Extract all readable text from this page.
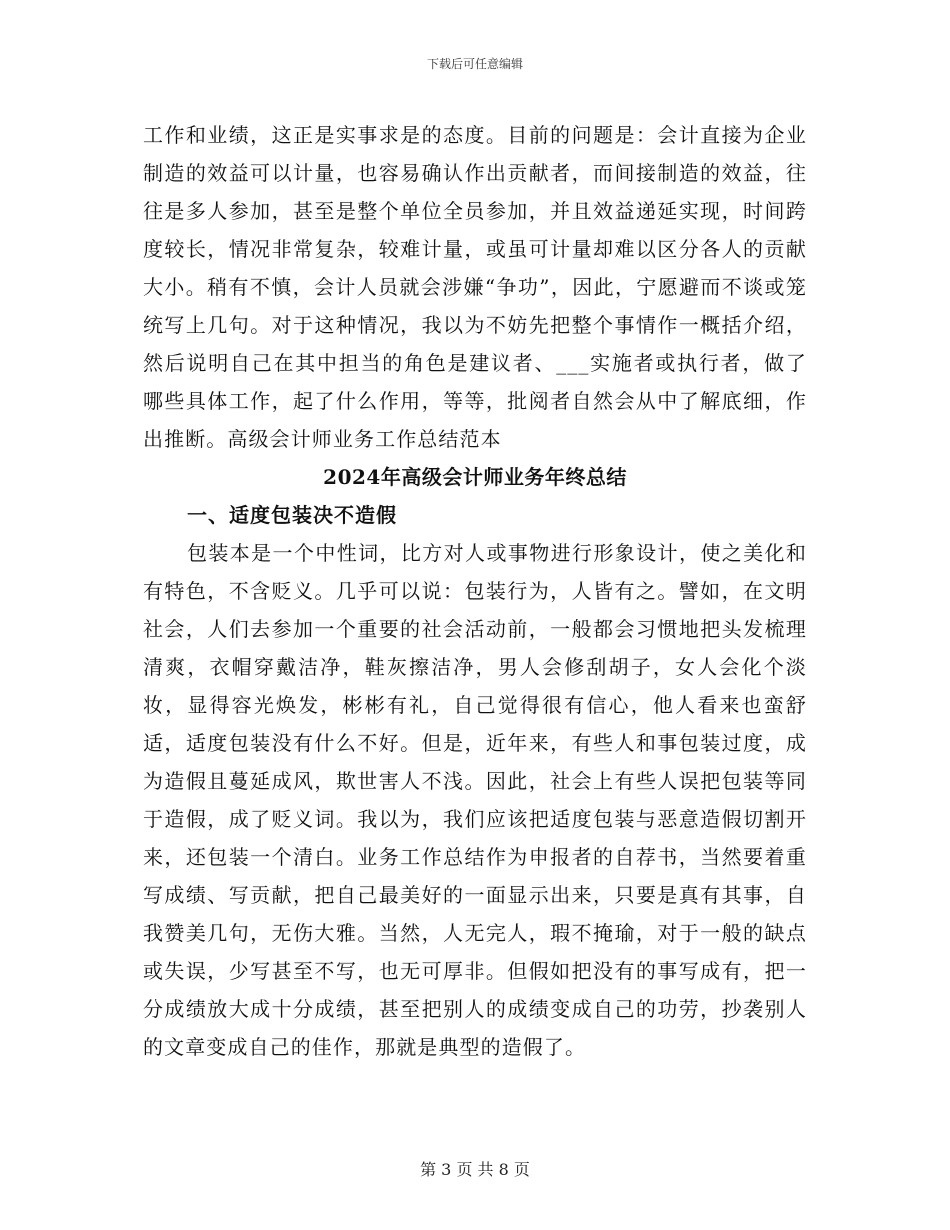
下载后可任意编辑

工作和业绩，这正是实事求是的态度。目前的问题是：会计直接为企业制造的效益可以计量，也容易确认作出贡献者，而间接制造的效益，往往是多人参加，甚至是整个单位全员参加，并且效益递延实现，时间跨度较长，情况非常复杂，较难计量，或虽可计量却难以区分各人的贡献大小。稍有不慎，会计人员就会涉嫌“争功”，因此，宁愿避而不谈或笼统写上几句。对于这种情况，我以为不妨先把整个事情作一概括介绍，然后说明自己在其中担当的角色是建议者、___实施者或执行者，做了哪些具体工作，起了什么作用，等等，批阅者自然会从中了解底细，作出推断。高级会计师业务工作总结范本

2024年高级会计师业务年终总结
一、适度包装决不造假

包装本是一个中性词，比方对人或事物进行形象设计，使之美化和有特色，不含贬义。几乎可以说：包装行为，人皆有之。譬如，在文明社会，人们去参加一个重要的社会活动前，一般都会习惯地把头发梳理清爽，衣帽穿戴洁净，鞋灰擦洁净，男人会修刮胡子，女人会化个淡妆，显得容光焕发，彬彬有礼，自己觉得很有信心，他人看来也蛮舒适，适度包装没有什么不好。但是，近年来，有些人和事包装过度，成为造假且蔓延成风，欺世害人不浅。因此，社会上有些人误把包装等同于造假，成了贬义词。我以为，我们应该把适度包装与恶意造假切割开来，还包装一个清白。业务工作总结作为申报者的自荐书，当然要着重写成绩、写贡献，把自己最美好的一面显示出来，只要是真有其事，自我赞美几句，无伤大雅。当然，人无完人，瑕不掩瑜，对于一般的缺点或失误，少写甚至不写，也无可厚非。但假如把没有的事写成有，把一分成绩放大成十分成绩，甚至把别人的成绩变成自己的功劳，抄袭别人的文章变成自己的佳作，那就是典型的造假了。

第 3 页 共 8 页
